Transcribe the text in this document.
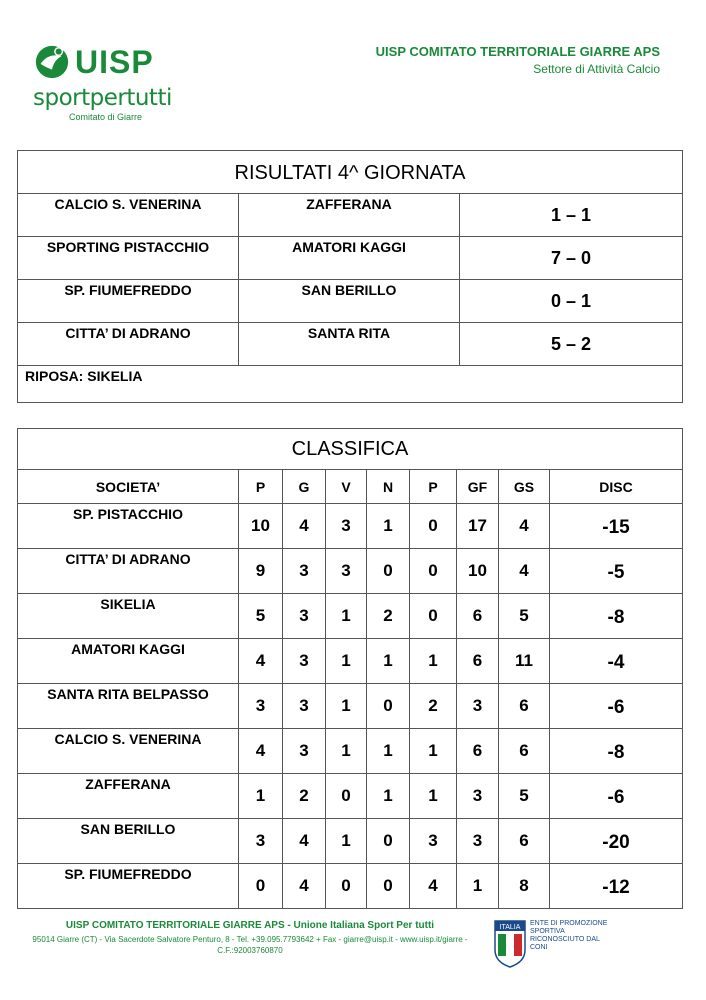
UISP
sportpertutti
Comitato di Giarre
UISP COMITATO TERRITORIALE GIARRE APS
Settore di Attività Calcio
RISULTATI 4^ GIORNATA		
CALCIO S. VENERINA	ZAFFERANA	1 – 1
SPORTING PISTACCHIO	AMATORI KAGGI	7 – 0
SP. FIUMEFREDDO	SAN BERILLO	0 – 1
CITTA’ DI ADRANO	SANTA RITA	5 – 2
RIPOSA: SIKELIA		
CLASSIFICA								
SOCIETA’	P	G	V	N	P	GF	GS	DISC
SP. PISTACCHIO	10	4	3	1	0	17	4	-15
CITTA’ DI ADRANO	9	3	3	0	0	10	4	-5
SIKELIA	5	3	1	2	0	6	5	-8
AMATORI KAGGI	4	3	1	1	1	6	11	-4
SANTA RITA BELPASSO	3	3	1	0	2	3	6	-6
CALCIO S. VENERINA	4	3	1	1	1	6	6	-8
ZAFFERANA	1	2	0	1	1	3	5	-6
SAN BERILLO	3	4	1	0	3	3	6	-20
SP. FIUMEFREDDO	0	4	0	0	4	1	8	-12
UISP COMITATO TERRITORIALE GIARRE APS - Unione Italiana Sport Per tutti
95014 Giarre (CT) - Via Sacerdote Salvatore Penturo, 8 - Tel. +39.095.7793642 + Fax - giarre@uisp.it - www.uisp.it/giarre -
C.F.:92003760870
ITALIA
ENTE DI PROMOZIONE SPORTIVA RICONOSCIUTO DAL CONI
